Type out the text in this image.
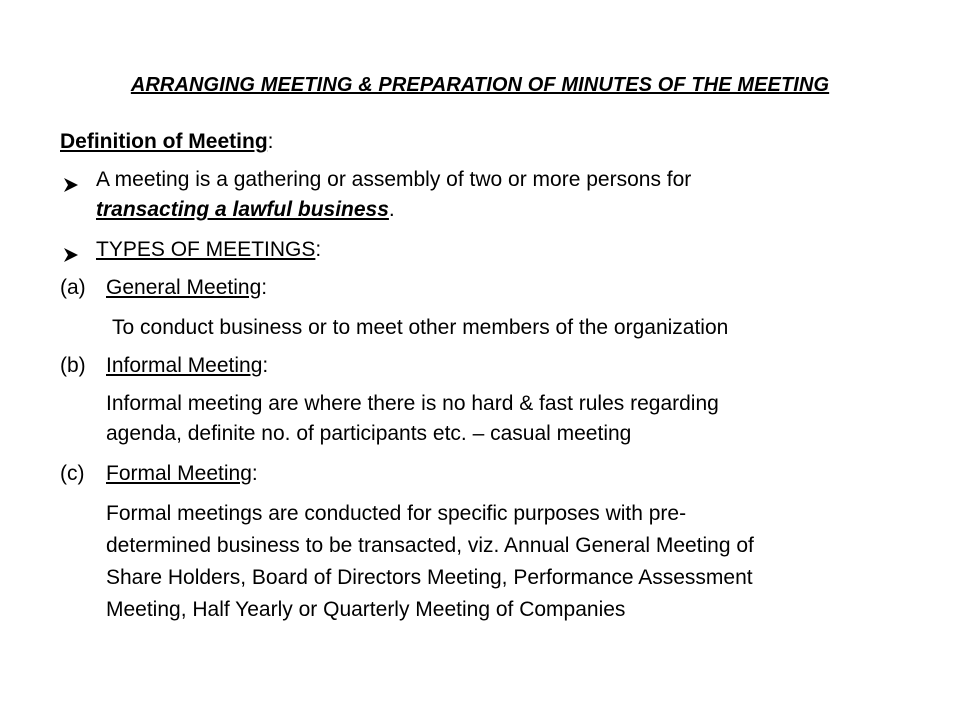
ARRANGING MEETING & PREPARATION OF MINUTES OF THE MEETING
Definition of Meeting:
A meeting is a gathering or assembly of two or more persons for
transacting a lawful business.
TYPES OF MEETINGS:
(a) General Meeting:
To conduct business or to meet other members of the organization
(b) Informal Meeting:
Informal meeting are where there is no hard & fast rules regarding
agenda, definite no. of participants etc. – casual meeting
(c) Formal Meeting:
Formal meetings are conducted for specific purposes with pre-
determined business to be transacted, viz. Annual General Meeting of
Share Holders, Board of Directors Meeting, Performance Assessment
Meeting, Half Yearly or Quarterly Meeting of Companies
